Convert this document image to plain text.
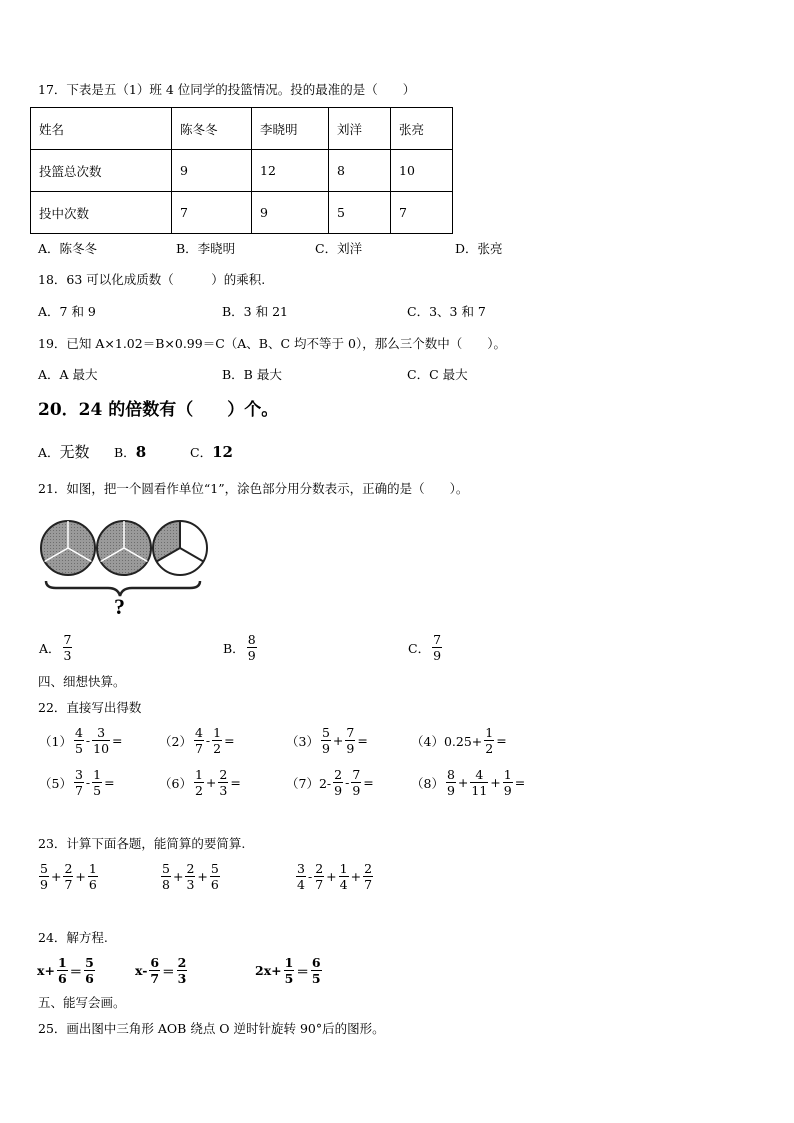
17．下表是五（1）班 4 位同学的投篮情况。投的最准的是（　　）
姓名	陈冬冬	李晓明	刘洋	张亮
投篮总次数	9	12	8	10
投中次数	7	9	5	7
A．陈冬冬	B．李晓明	C．刘洋	D．张亮
18．63 可以化成质数（　　　）的乘积.
A．7 和 9	B．3 和 21	C．3、3 和 7
19．已知 A×1.02＝B×0.99＝C（A、B、C 均不等于 0），那么三个数中（　　）。
A．A 最大	B．B 最大	C．C 最大
20．24 的倍数有（　　）个。
A．无数 B．8	C．12
21．如图，把一个圆看作单位“1”，涂色部分用分数表示，正确的是（　　）。
?
A． $\frac{7}{3}$	B． $\frac{8}{9}$	C． $\frac{7}{9}$
四、细想快算。
22．直接写出得数
$(1) \frac{4}{5} - \frac{3}{10}$ =	$(2) \frac{4}{7} - \frac{1}{2}$ =	$(3) \frac{5}{9} + \frac{7}{9}$ =	$(4)0.25+ \frac{1}{2}$ =
$(5) \frac{3}{7} - \frac{1}{5}$ =	$(6) \frac{1}{2} + \frac{2}{3}$ =	$(7)2- \frac{2}{9} - \frac{7}{9}$ =	$(8) \frac{8}{9} + \frac{4}{11} + \frac{1}{9}$ =
23．计算下面各题，能简算的要简算.
$\frac{5}{9} + \frac{2}{7} + \frac{1}{6}$	$\frac{5}{8} + \frac{2}{3} + \frac{5}{6}$	$\frac{3}{4} - \frac{2}{7} + \frac{1}{4} + \frac{2}{7}$
24．解方程.
$x+ \frac{1}{6} = \frac{5}{6}$	$x- \frac{6}{7} = \frac{2}{3}$	$2x+ \frac{1}{5} = \frac{6}{5}$
五、能写会画。
25．画出图中三角形 AOB 绕点 O 逆时针旋转 90°后的图形。
